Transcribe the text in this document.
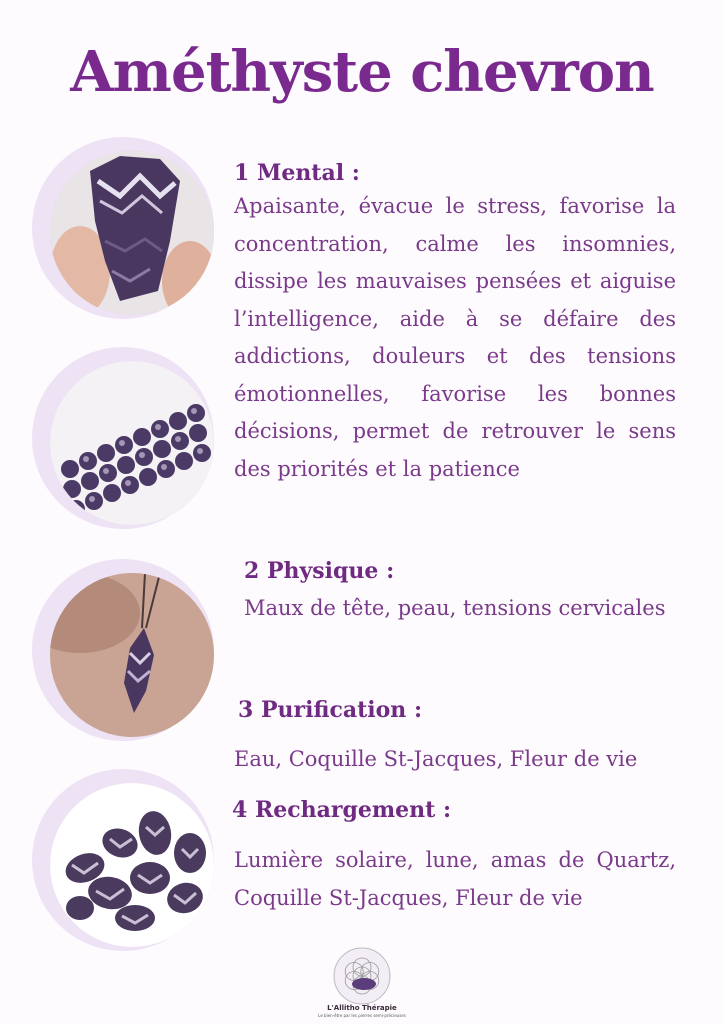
Améthyste chevron
1 Mental :
Apaisante, évacue le stress, favorise la concentration, calme les insomnies, dissipe les mauvaises pensées et aiguise l’intelligence, aide à se défaire des addictions, douleurs et des tensions émotionnelles, favorise les bonnes décisions, permet de retrouver le sens des priorités et la patience
2 Physique :
Maux de tête, peau, tensions cervicales
3 Purification :
Eau, Coquille St-Jacques, Fleur de vie
4 Rechargement :
Lumière solaire, lune, amas de Quartz, Coquille St-Jacques, Fleur de vie
L'Allitho Thérapie
Le bien-être par les pierres semi-précieuses
